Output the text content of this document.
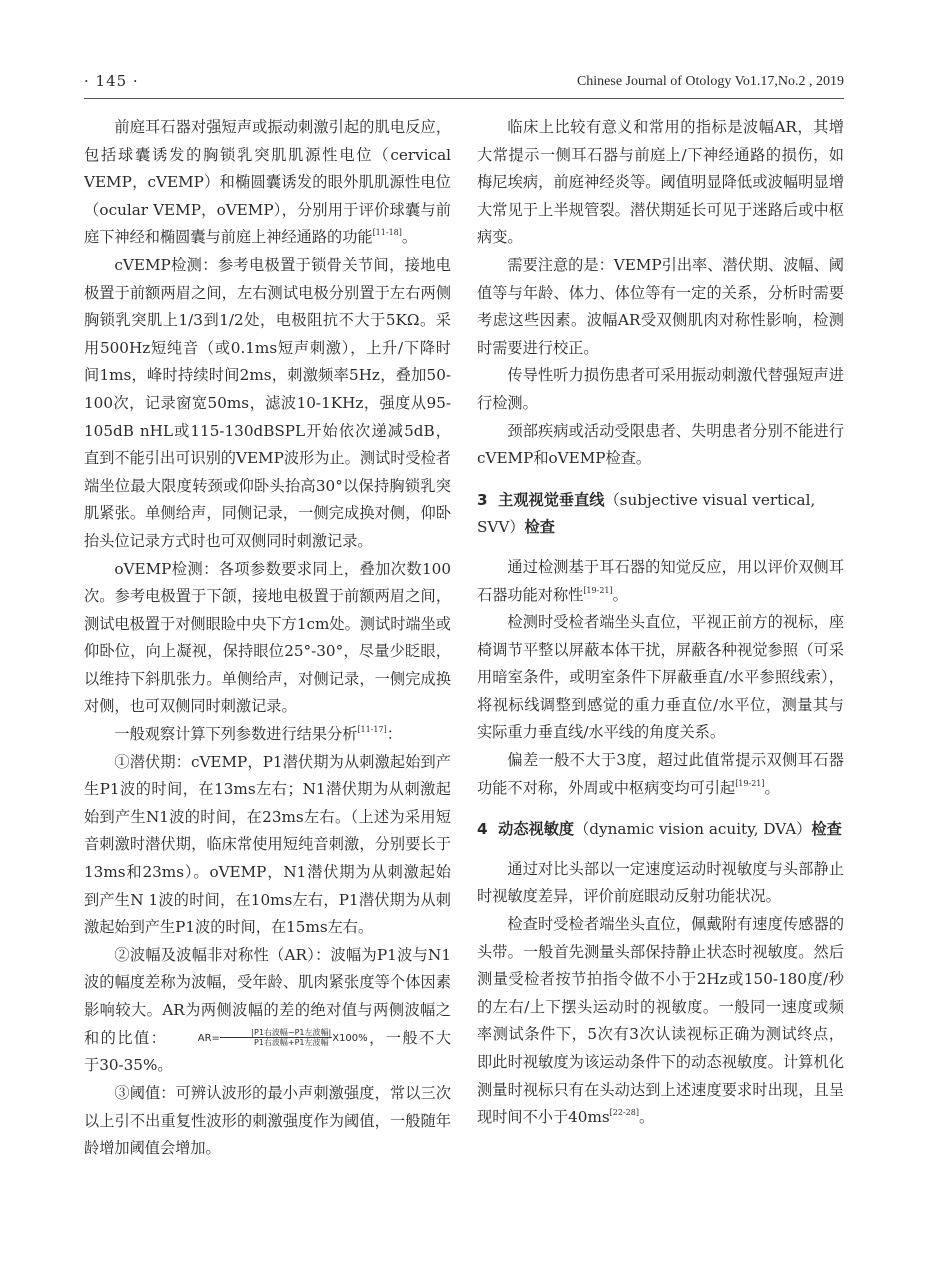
· 145 ·	Chinese Journal of Otology Vo1.17,No.2 , 2019

前庭耳石器对强短声或振动刺激引起的肌电反应，包括球囊诱发的胸锁乳突肌肌源性电位（cervical VEMP，cVEMP）和椭圆囊诱发的眼外肌肌源性电位（ocular VEMP，oVEMP），分别用于评价球囊与前庭下神经和椭圆囊与前庭上神经通路的功能[11-18]。

cVEMP检测：参考电极置于锁骨关节间，接地电极置于前额两眉之间，左右测试电极分别置于左右两侧胸锁乳突肌上1/3到1/2处，电极阻抗不大于5KΩ。采用500Hz短纯音（或0.1ms短声刺激），上升/下降时间1ms，峰时持续时间2ms，刺激频率5Hz，叠加50-100次，记录窗宽50ms，滤波10-1KHz，强度从95-105dB nHL或115-130dBSPL开始依次递减5dB，直到不能引出可识别的VEMP波形为止。测试时受检者端坐位最大限度转颈或仰卧头抬高30°以保持胸锁乳突肌紧张。单侧给声，同侧记录，一侧完成换对侧，仰卧抬头位记录方式时也可双侧同时刺激记录。

oVEMP检测：各项参数要求同上，叠加次数100次。参考电极置于下颌，接地电极置于前额两眉之间，测试电极置于对侧眼睑中央下方1cm处。测试时端坐或仰卧位，向上凝视，保持眼位25°-30°，尽量少眨眼，以维持下斜肌张力。单侧给声，对侧记录，一侧完成换对侧，也可双侧同时刺激记录。

一般观察计算下列参数进行结果分析[11-17]：

①潜伏期：cVEMP，P1潜伏期为从刺激起始到产生P1波的时间，在13ms左右；N1潜伏期为从刺激起始到产生N1波的时间，在23ms左右。（上述为采用短音刺激时潜伏期，临床常使用短纯音刺激，分别要长于13ms和23ms）。oVEMP，N1潜伏期为从刺激起始到产生N 1波的时间，在10ms左右，P1潜伏期为从刺激起始到产生P1波的时间，在15ms左右。

②波幅及波幅非对称性（AR）：波幅为P1波与N1波的幅度差称为波幅，受年龄、肌肉紧张度等个体因素影响较大。AR为两侧波幅的差的绝对值与两侧波幅之和的比值：	$AR= \frac{\text{|P1右波幅−P1左波幅|}}{\text{P1右波幅+P1左波幅}} X100\%$，一般不大于30-35%。

③阈值：可辨认波形的最小声刺激强度，常以三次以上引不出重复性波形的刺激强度作为阈值，一般随年龄增加阈值会增加。

临床上比较有意义和常用的指标是波幅AR，其增大常提示一侧耳石器与前庭上/下神经通路的损伤，如梅尼埃病，前庭神经炎等。阈值明显降低或波幅明显增大常见于上半规管裂。潜伏期延长可见于迷路后或中枢病变。

需要注意的是：VEMP引出率、潜伏期、波幅、阈值等与年龄、体力、体位等有一定的关系，分析时需要考虑这些因素。波幅AR受双侧肌肉对称性影响，检测时需要进行校正。

传导性听力损伤患者可采用振动刺激代替强短声进行检测。

颈部疾病或活动受限患者、失明患者分别不能进行cVEMP和oVEMP检查。

3 主观视觉垂直线（subjective visual vertical, SVV）检查

通过检测基于耳石器的知觉反应，用以评价双侧耳石器功能对称性[19-21]。

检测时受检者端坐头直位，平视正前方的视标，座椅调节平整以屏蔽本体干扰，屏蔽各种视觉参照（可采用暗室条件，或明室条件下屏蔽垂直/水平参照线索），将视标线调整到感觉的重力垂直位/水平位，测量其与实际重力垂直线/水平线的角度关系。

偏差一般不大于3度，超过此值常提示双侧耳石器功能不对称，外周或中枢病变均可引起[19-21]。

4 动态视敏度（dynamic vision acuity, DVA）检查

通过对比头部以一定速度运动时视敏度与头部静止时视敏度差异，评价前庭眼动反射功能状况。

检查时受检者端坐头直位，佩戴附有速度传感器的头带。一般首先测量头部保持静止状态时视敏度。然后测量受检者按节拍指令做不小于2Hz或150-180度/秒的左右/上下摆头运动时的视敏度。一般同一速度或频率测试条件下，5次有3次认读视标正确为测试终点，即此时视敏度为该运动条件下的动态视敏度。计算机化测量时视标只有在头动达到上述速度要求时出现，且呈现时间不小于40ms[22-28]。
